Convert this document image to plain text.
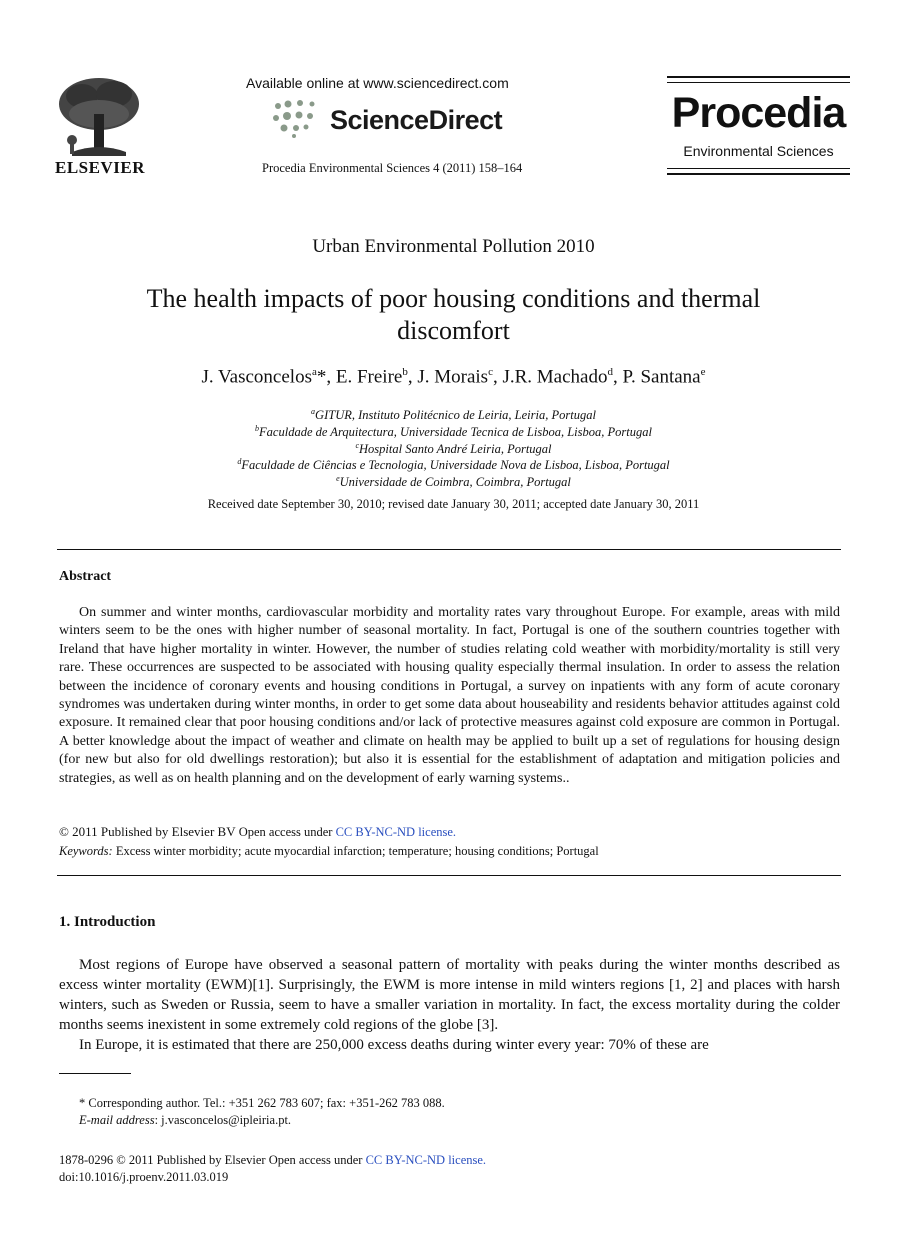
ELSEVIER
Available online at www.sciencedirect.com
ScienceDirect
Procedia Environmental Sciences 4 (2011) 158–164
Procedia
Environmental Sciences
Urban Environmental Pollution 2010
The health impacts of poor housing conditions and thermal discomfort
J. Vasconcelos$^a$*, E. Freire$^b$, J. Morais$^c$, J.R. Machado$^d$, P. Santana$^e$
$^a$GITUR, Instituto Politécnico de Leiria, Leiria, Portugal
$^b$Faculdade de Arquitectura, Universidade Tecnica de Lisboa, Lisboa, Portugal
$^c$Hospital Santo André Leiria, Portugal
$^d$Faculdade de Ciências e Tecnologia, Universidade Nova de Lisboa, Lisboa, Portugal
$^e$Universidade de Coimbra, Coimbra, Portugal
Received date September 30, 2010; revised date January 30, 2011; accepted date January 30, 2011
Abstract
On summer and winter months, cardiovascular morbidity and mortality rates vary throughout Europe. For example, areas with mild winters seem to be the ones with higher number of seasonal mortality. In fact, Portugal is one of the southern countries together with Ireland that have higher mortality in winter. However, the number of studies relating cold weather with morbidity/mortality is still very rare. These occurrences are suspected to be associated with housing quality especially thermal insulation. In order to assess the relation between the incidence of coronary events and housing conditions in Portugal, a survey on inpatients with any form of acute coronary syndromes was undertaken during winter months, in order to get some data about houseability and residents behavior attitudes against cold exposure. It remained clear that poor housing conditions and/or lack of protective measures against cold exposure are common in Portugal. A better knowledge about the impact of weather and climate on health may be applied to built up a set of regulations for housing design (for new but also for old dwellings restoration); but also it is essential for the establishment of adaptation and mitigation policies and strategies, as well as on health planning and on the development of early warning systems..
© 2011 Published by Elsevier BV Open access under CC BY-NC-ND license.
Keywords: Excess winter morbidity; acute myocardial infarction; temperature; housing conditions; Portugal
1. Introduction

Most regions of Europe have observed a seasonal pattern of mortality with peaks during the winter months described as excess winter mortality (EWM)[1]. Surprisingly, the EWM is more intense in mild winters regions [1, 2] and places with harsh winters, such as Sweden or Russia, seem to have a smaller variation in mortality. In fact, the excess mortality during the colder months seems inexistent in some extremely cold regions of the globe [3].

In Europe, it is estimated that there are 250,000 excess deaths during winter every year: 70% of these are

* Corresponding author. Tel.: +351 262 783 607; fax: +351-262 783 088.
E-mail address: j.vasconcelos@ipleiria.pt.
1878-0296 © 2011 Published by Elsevier Open access under CC BY-NC-ND license.
doi:10.1016/j.proenv.2011.03.019
